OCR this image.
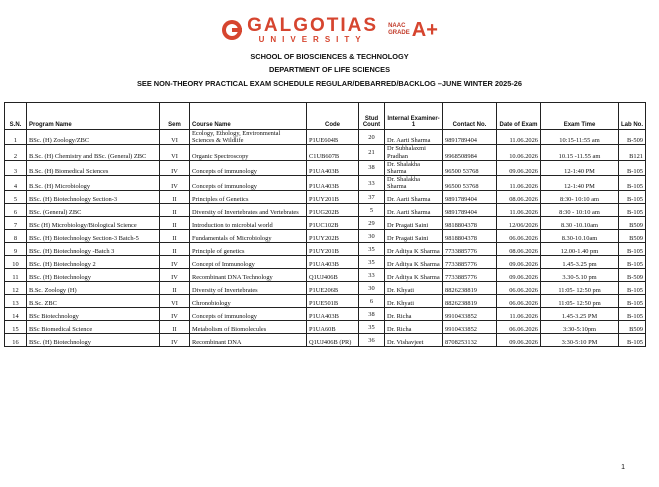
GALGOTIAS
UNIVERSITY
NAAC
GRADE A+
SCHOOL OF BIOSCIENCES & TECHNOLOGY
DEPARTMENT OF LIFE SCIENCES
SEE NON-THEORY PRACTICAL EXAM SCHEDULE REGULAR/DEBARRED/BACKLOG –JUNE WINTER 2025-26
S.N.	Program Name	Sem	Course Name	Code	Stud Count	Internal Examiner-1	Contact No.	Date of Exam	Exam Time	Lab No.
1	BSc. (H) Zoology/ZBC	VI	Ecology, Ethology, Environmental Sciences & Wildlife	P1UE604B	20	Dr. Aarti Sharma	9891789404	11.06.2026	10:15-11:55 am	B-509
2	B.Sc. (H) Chemistry and BSc. (General) ZBC	VI	Organic Spectroscopy	C1UB607B	21	Dr Subhalaxmi Pradhan	9968508984	10.06.2026	10.15 -11.55 am	B121
3	B.Sc. (H) Biomedical Sciences	IV	Concepts of immunology	P1UA403B	38	Dr. Shalakha Sharma	96500 53768	09.06.2026	12-1:40 PM	B-105
4	B.Sc. (H) Microbiology	IV	Concepts of immunology	P1UA403B	33	Dr. Shalakha Sharma	96500 53768	11.06.2026	12-1:40 PM	B-105
5	BSc. (H) Biotechnology Section-3	II	Principles of Genetics	P1UY201B	37	Dr. Aarti Sharma	9891789404	08.06.2026	8:30- 10:10 am	B-105
6	BSc. (General) ZBC	II	Diversity of Invertebrates and Vertebrates	P1UG202B	5	Dr. Aarti Sharma	9891789404	11.06.2026	8:30 - 10:10 am	B-105
7	BSc (H) Microbiology/Biological Science	II	Introduction to microbial world	P1UC102B	29	Dr Pragati Saini	9818804378	12/06/2026	8.30 -10.10am	B509
8	BSc. (H) Biotechnology Section-3 Batch-5	II	Fundamentals of Microbiology	P1UY202B	30	Dr Pragati Saini	9818804378	06.06.2026	8.30-10.10am	B509
9	BSc. (H) Biotechnology -Batch 3	II	Principle of genetics	P1UY201B	35	Dr Aditya K Sharma	7733885776	08.06.2026	12.00-1.40 pm	B-105
10	BSc. (H) Biotechnology 2	IV	Concept of Immunology	P1UA403B	35	Dr Aditya K Sharma	7733885776	09.06.2026	1.45-3.25 pm	B-105
11	BSc. (H) Biotechnology	IV	Recombinant DNA Technology	Q1UJ406B	33	Dr Aditya K Sharma	7733885776	09.06.2026	3.30-5.10 pm	B-509
12	B.Sc. Zoology (H)	II	Diversity of Invertebrates	P1UE206B	30	Dr. Khyati	8826238819	06.06.2026	11:05- 12:50 pm	B-105
13	B.Sc. ZBC	VI	Chronobiology	P1UE501B	6	Dr. Khyati	8826238819	06.06.2026	11:05- 12:50 pm	B-105
14	BSc Biotechnology	IV	Concepts of immunology	P1UA403B	38	Dr. Richa	9910433852	11.06.2026	1.45-3.25 PM	B-105
15	BSc Biomedical Science	II	Metabolism of Biomolecules	P1UA60B	35	Dr. Richa	9910433852	06.06.2026	3:30-5:10pm	B509
16	BSc. (H) Biotechnology	IV	Recombinant DNA	Q1UJ406B (PR)	36	Dr. Vishavjeet	8708253132	09.06.2026	3:30-5:10 PM	B-105
1
